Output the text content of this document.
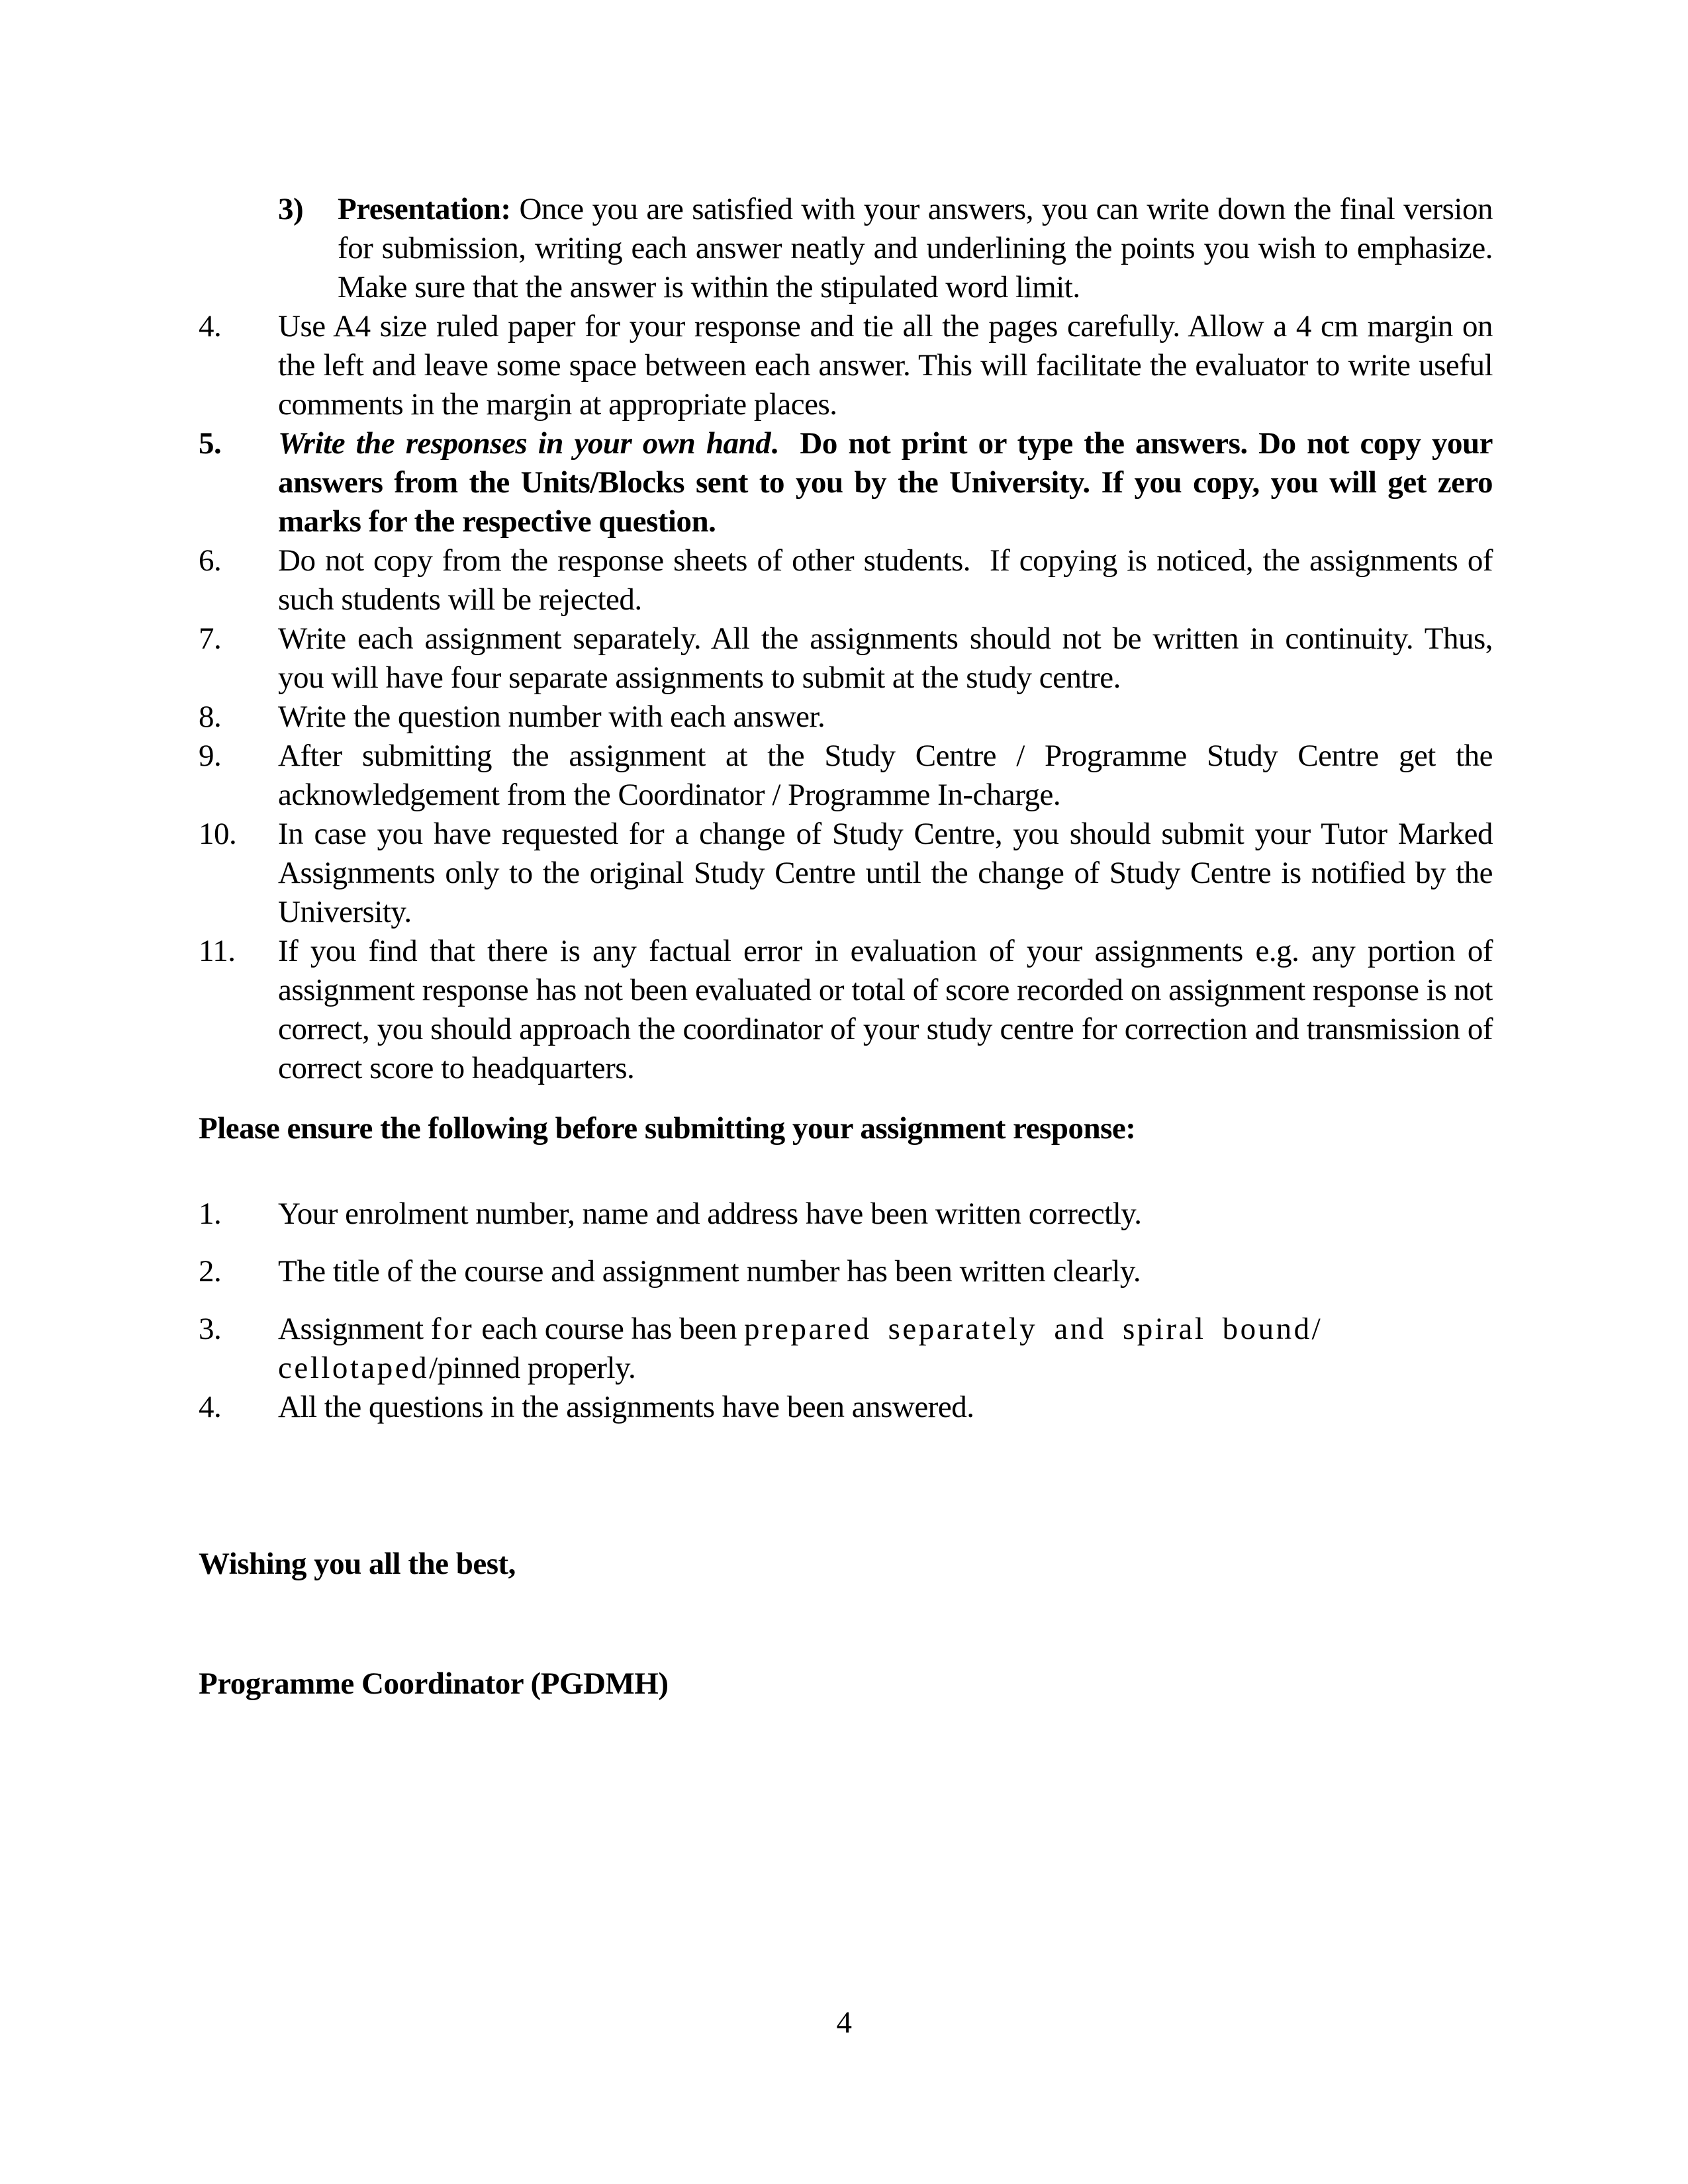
3)	Presentation: Once you are satisfied with your answers, you can write down the final version for submission, writing each answer neatly and underlining the points you wish to emphasize. Make sure that the answer is within the stipulated word limit.
4.	Use A4 size ruled paper for your response and tie all the pages carefully. Allow a 4 cm margin on the left and leave some space between each answer. This will facilitate the evaluator to write useful comments in the margin at appropriate places.
5.	Write the responses in your own hand.  Do not print or type the answers. Do not copy your answers from the Units/Blocks sent to you by the University. If you copy, you will get zero marks for the respective question.
6.	Do not copy from the response sheets of other students.  If copying is noticed, the assignments of such students will be rejected.
7.	Write each assignment separately. All the assignments should not be written in continuity. Thus, you will have four separate assignments to submit at the study centre.
8.	Write the question number with each answer.
9.	After submitting the assignment at the Study Centre / Programme Study Centre get the acknowledgement from the Coordinator / Programme In-charge.
10.	In case you have requested for a change of Study Centre, you should submit your Tutor Marked Assignments only to the original Study Centre until the change of Study Centre is notified by the University.
11.	If you find that there is any factual error in evaluation of your assignments e.g. any portion of assignment response has not been evaluated or total of score recorded on assignment response is not correct, you should approach the coordinator of your study centre for correction and transmission of correct score to headquarters.
Please ensure the following before submitting your assignment response:
1.	Your enrolment number, name and address have been written correctly.
2.	The title of the course and assignment number has been written clearly.
3.	Assignment for each course has been prepared separately and spiral bound/
cellotaped/pinned properly.
4.	All the questions in the assignments have been answered.
Wishing you all the best,
Programme Coordinator (PGDMH)
4
